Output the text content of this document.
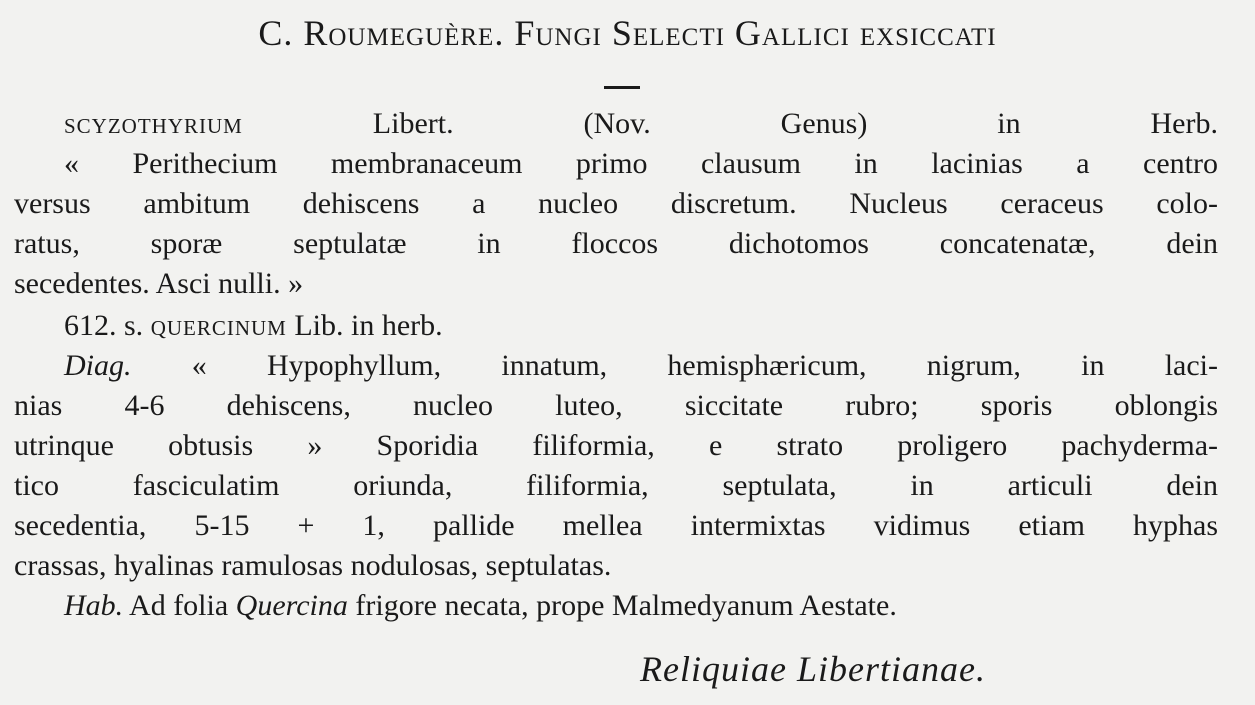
C. Roumeguère. Fungi Selecti Gallici exsiccati
scyzothyrium	Libert. (Nov. Genus) in Herb.
« Perithecium membranaceum primo clausum in lacinias a centro
versus ambitum dehiscens a nucleo discretum. Nucleus ceraceus colo-
ratus, sporæ septulatæ in floccos dichotomos concatenatæ, dein
secedentes. Asci nulli. »
612. s. quercinum Lib. in herb.
Diag. « Hypophyllum, innatum, hemisphæricum, nigrum, in laci-
nias 4-6 dehiscens, nucleo luteo, siccitate rubro; sporis oblongis
utrinque obtusis » Sporidia filiformia, e strato proligero pachyderma-
tico fasciculatim oriunda, filiformia, septulata, in articuli dein
secedentia, 5-15 + 1, pallide mellea intermixtas vidimus etiam hyphas
crassas, hyalinas ramulosas nodulosas, septulatas.
Hab. Ad folia Quercina frigore necata, prope Malmedyanum Aestate.
Reliquiae Libertianae.
